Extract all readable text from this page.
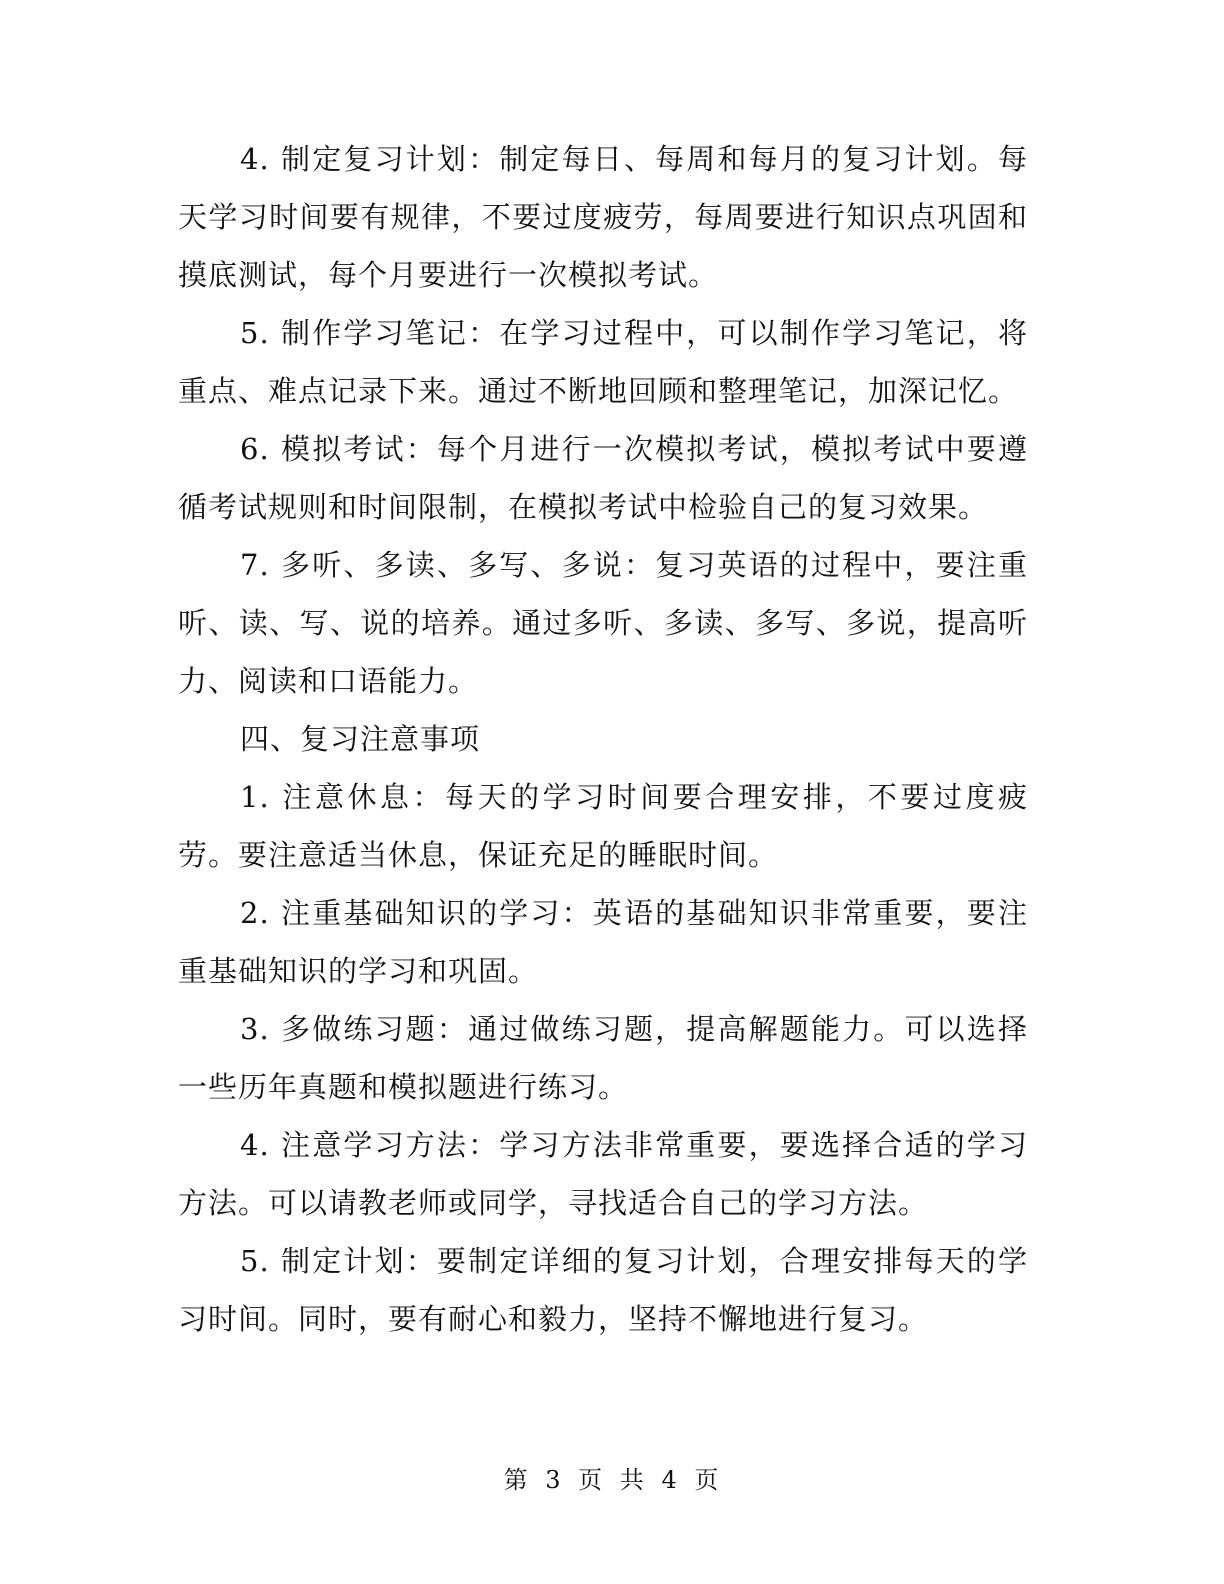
4. 制定复习计划：制定每日、每周和每月的复习计划。每天学习时间要有规律，不要过度疲劳，每周要进行知识点巩固和摸底测试，每个月要进行一次模拟考试。

5. 制作学习笔记：在学习过程中，可以制作学习笔记，将重点、难点记录下来。通过不断地回顾和整理笔记，加深记忆。

6. 模拟考试：每个月进行一次模拟考试，模拟考试中要遵循考试规则和时间限制，在模拟考试中检验自己的复习效果。

7. 多听、多读、多写、多说：复习英语的过程中，要注重听、读、写、说的培养。通过多听、多读、多写、多说，提高听力、阅读和口语能力。

四、复习注意事项

1. 注意休息：每天的学习时间要合理安排，不要过度疲劳。要注意适当休息，保证充足的睡眠时间。

2. 注重基础知识的学习：英语的基础知识非常重要，要注重基础知识的学习和巩固。

3. 多做练习题：通过做练习题，提高解题能力。可以选择一些历年真题和模拟题进行练习。

4. 注意学习方法：学习方法非常重要，要选择合适的学习方法。可以请教老师或同学，寻找适合自己的学习方法。

5. 制定计划：要制定详细的复习计划，合理安排每天的学习时间。同时，要有耐心和毅力，坚持不懈地进行复习。

第 3 页 共 4 页
